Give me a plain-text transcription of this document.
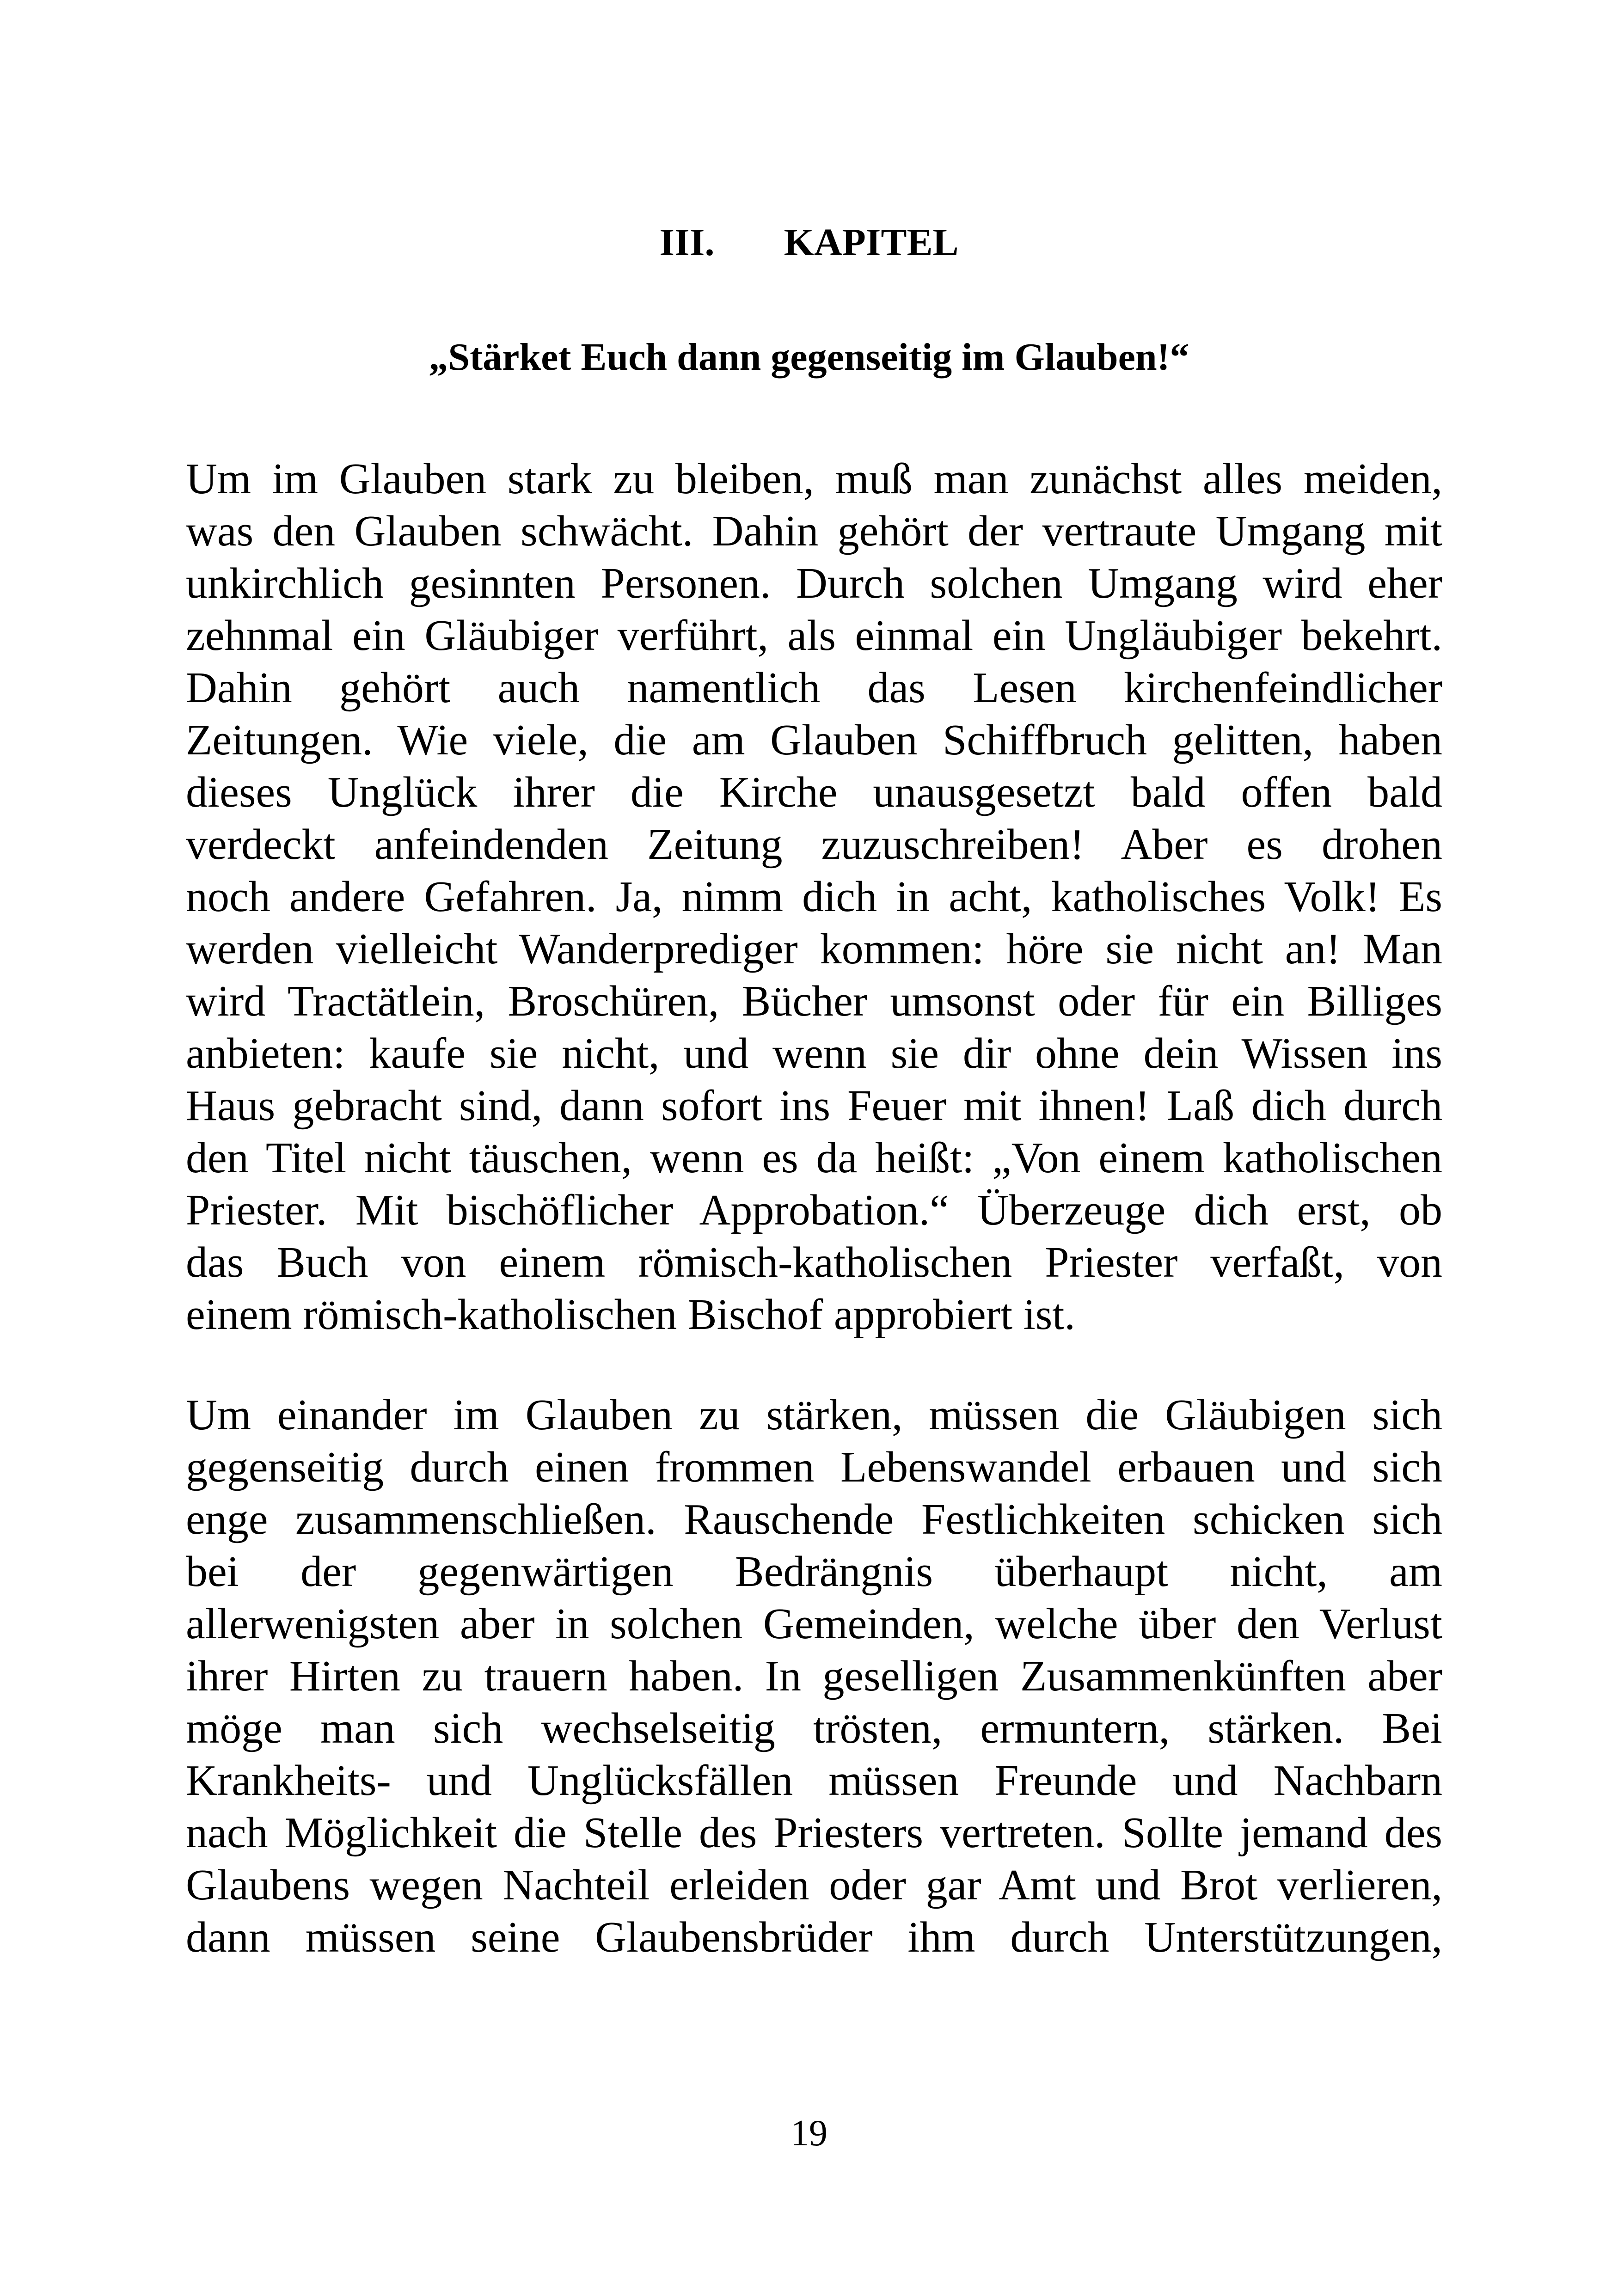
III. KAPITEL
„Stärket Euch dann gegenseitig im Glauben!“
Um im Glauben stark zu bleiben, muß man zunächst alles meiden,
was den Glauben schwächt. Dahin gehört der vertraute Umgang mit
unkirchlich gesinnten Personen. Durch solchen Umgang wird eher
zehnmal ein Gläubiger verführt, als einmal ein Ungläubiger bekehrt.
Dahin gehört auch namentlich das Lesen kirchenfeindlicher
Zeitungen. Wie viele, die am Glauben Schiffbruch gelitten, haben
dieses Unglück ihrer die Kirche unausgesetzt bald offen bald
verdeckt anfeindenden Zeitung zuzuschreiben! Aber es drohen
noch andere Gefahren. Ja, nimm dich in acht, katholisches Volk! Es
werden vielleicht Wanderprediger kommen: höre sie nicht an! Man
wird Tractätlein, Broschüren, Bücher umsonst oder für ein Billiges
anbieten: kaufe sie nicht, und wenn sie dir ohne dein Wissen ins
Haus gebracht sind, dann sofort ins Feuer mit ihnen! Laß dich durch
den Titel nicht täuschen, wenn es da heißt: „Von einem katholischen
Priester. Mit bischöflicher Approbation.“ Überzeuge dich erst, ob
das Buch von einem römisch-katholischen Priester verfaßt, von
einem römisch-katholischen Bischof approbiert ist.
Um einander im Glauben zu stärken, müssen die Gläubigen sich
gegenseitig durch einen frommen Lebenswandel erbauen und sich
enge zusammenschließen. Rauschende Festlichkeiten schicken sich
bei der gegenwärtigen Bedrängnis überhaupt nicht, am
allerwenigsten aber in solchen Gemeinden, welche über den Verlust
ihrer Hirten zu trauern haben. In geselligen Zusammenkünften aber
möge man sich wechselseitig trösten, ermuntern, stärken. Bei
Krankheits- und Unglücksfällen müssen Freunde und Nachbarn
nach Möglichkeit die Stelle des Priesters vertreten. Sollte jemand des
Glaubens wegen Nachteil erleiden oder gar Amt und Brot verlieren,
dann müssen seine Glaubensbrüder ihm durch Unterstützungen,
19
